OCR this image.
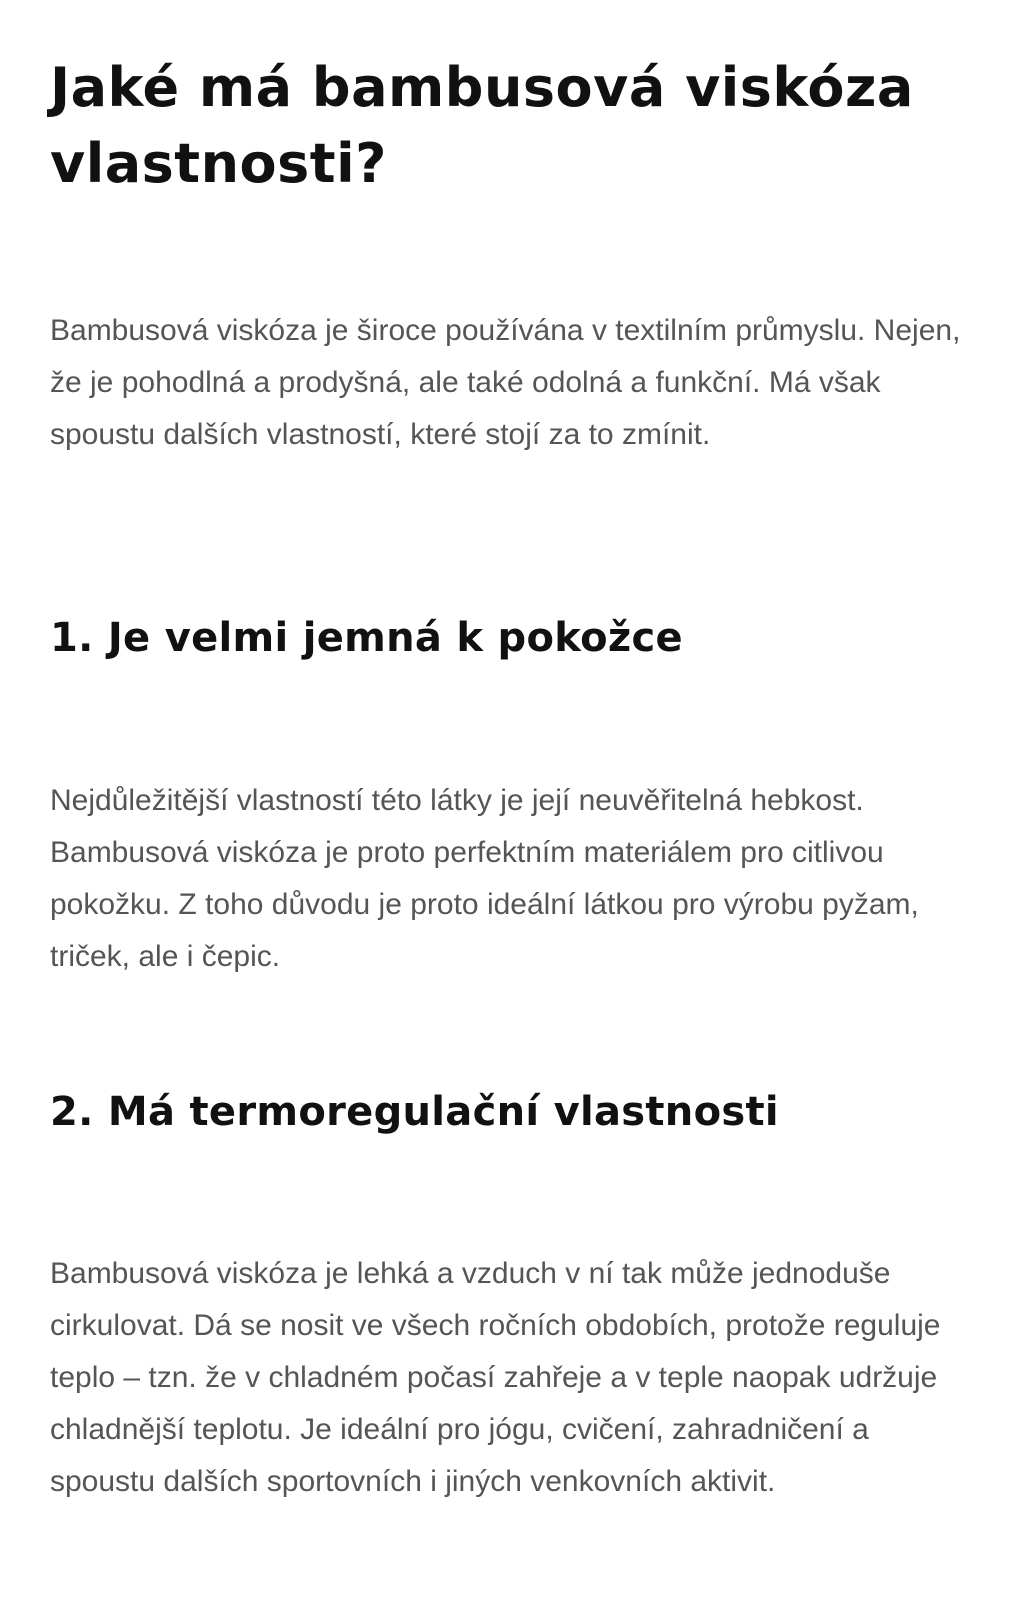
Jaké má bambusová viskóza vlastnosti?

Bambusová viskóza je široce používána v textilním průmyslu. Nejen, že je pohodlná a prodyšná, ale také odolná a funkční. Má však spoustu dalších vlastností, které stojí za to zmínit.

1. Je velmi jemná k pokožce

Nejdůležitější vlastností této látky je její neuvěřitelná hebkost. Bambusová viskóza je proto perfektním materiálem pro citlivou pokožku. Z toho důvodu je proto ideální látkou pro výrobu pyžam, triček, ale i čepic.

2. Má termoregulační vlastnosti

Bambusová viskóza je lehká a vzduch v ní tak může jednoduše cirkulovat. Dá se nosit ve všech ročních obdobích, protože reguluje teplo – tzn. že v chladném počasí zahřeje a v teple naopak udržuje chladnější teplotu. Je ideální pro jógu, cvičení, zahradničení a spoustu dalších sportovních i jiných venkovních aktivit.
